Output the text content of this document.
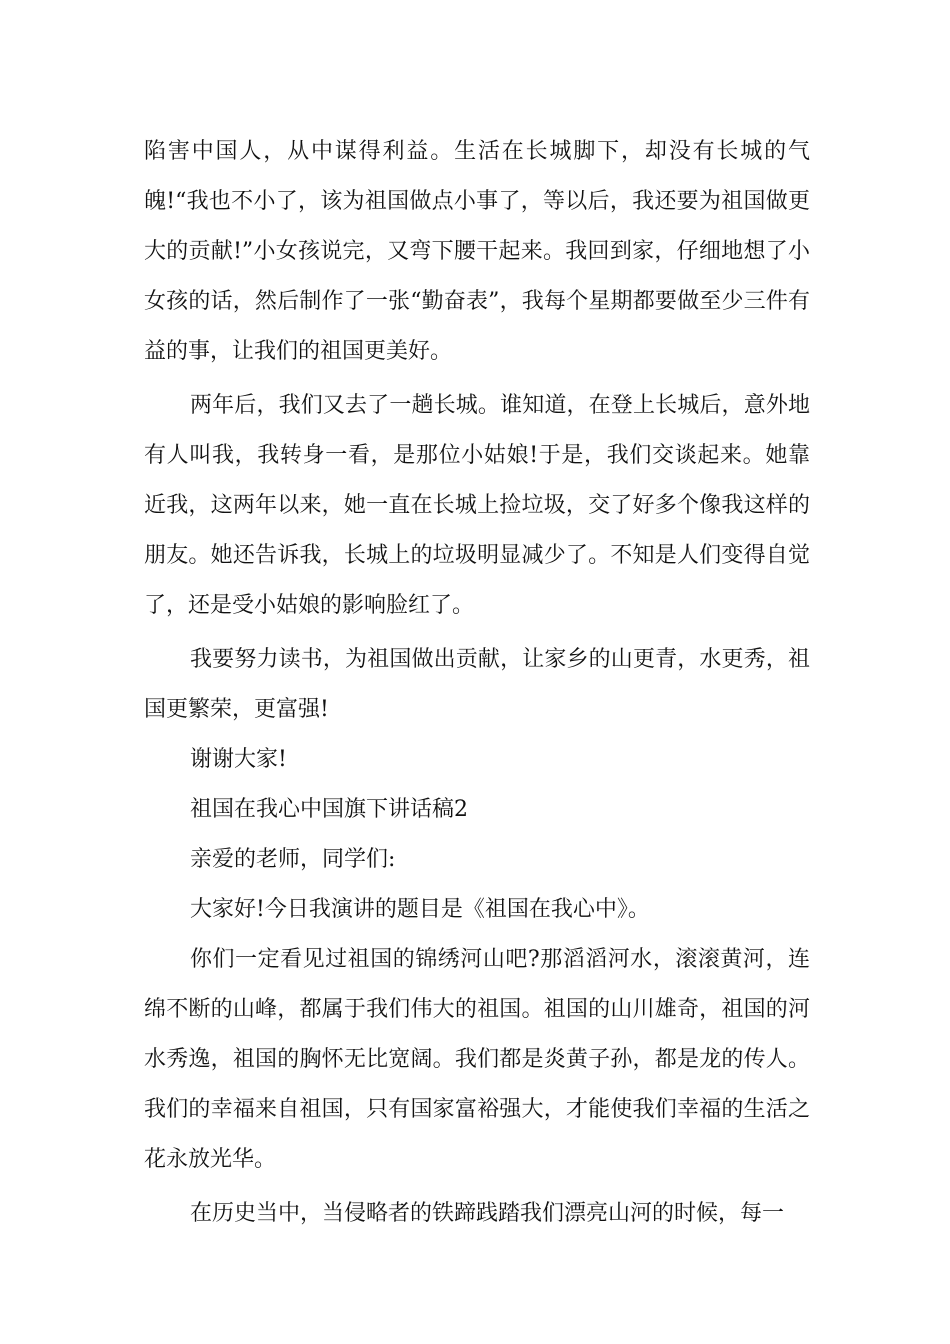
陷害中国人，从中谋得利益。生活在长城脚下，却没有长城的气魄!“我也不小了，该为祖国做点小事了，等以后，我还要为祖国做更大的贡献!”小女孩说完，又弯下腰干起来。我回到家，仔细地想了小女孩的话，然后制作了一张“勤奋表”，我每个星期都要做至少三件有益的事，让我们的祖国更美好。

两年后，我们又去了一趟长城。谁知道，在登上长城后，意外地有人叫我，我转身一看，是那位小姑娘!于是，我们交谈起来。她靠近我，这两年以来，她一直在长城上捡垃圾，交了好多个像我这样的朋友。她还告诉我，长城上的垃圾明显减少了。不知是人们变得自觉了，还是受小姑娘的影响脸红了。

我要努力读书，为祖国做出贡献，让家乡的山更青，水更秀，祖国更繁荣，更富强!

谢谢大家!

祖国在我心中国旗下讲话稿2

亲爱的老师，同学们:

大家好!今日我演讲的题目是《祖国在我心中》。

你们一定看见过祖国的锦绣河山吧?那滔滔河水，滚滚黄河，连绵不断的山峰，都属于我们伟大的祖国。祖国的山川雄奇，祖国的河水秀逸，祖国的胸怀无比宽阔。我们都是炎黄子孙，都是龙的传人。我们的幸福来自祖国，只有国家富裕强大，才能使我们幸福的生活之花永放光华。

在历史当中，当侵略者的铁蹄践踏我们漂亮山河的时候，每一
